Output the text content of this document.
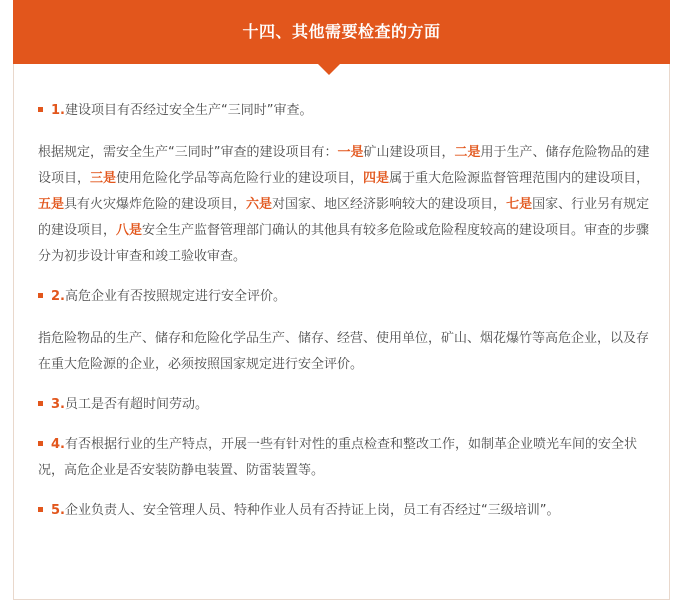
十四、其他需要检查的方面
1.建设项目有否经过安全生产“三同时”审查。
根据规定，需安全生产“三同时”审查的建设项目有：一是矿山建设项目，二是用于生产、储存危险物品的建设项目，三是使用危险化学品等高危险行业的建设项目，四是属于重大危险源监督管理范围内的建设项目，五是具有火灾爆炸危险的建设项目，六是对国家、地区经济影响较大的建设项目，七是国家、行业另有规定的建设项目，八是安全生产监督管理部门确认的其他具有较多危险或危险程度较高的建设项目。审查的步骤分为初步设计审查和竣工验收审查。
2.高危企业有否按照规定进行安全评价。
指危险物品的生产、储存和危险化学品生产、储存、经营、使用单位，矿山、烟花爆竹等高危企业，以及存在重大危险源的企业，必须按照国家规定进行安全评价。
3.员工是否有超时间劳动。
4.有否根据行业的生产特点，开展一些有针对性的重点检查和整改工作，如制革企业喷光车间的安全状况，高危企业是否安装防静电装置、防雷装置等。
5.企业负责人、安全管理人员、特种作业人员有否持证上岗，员工有否经过“三级培训”。
